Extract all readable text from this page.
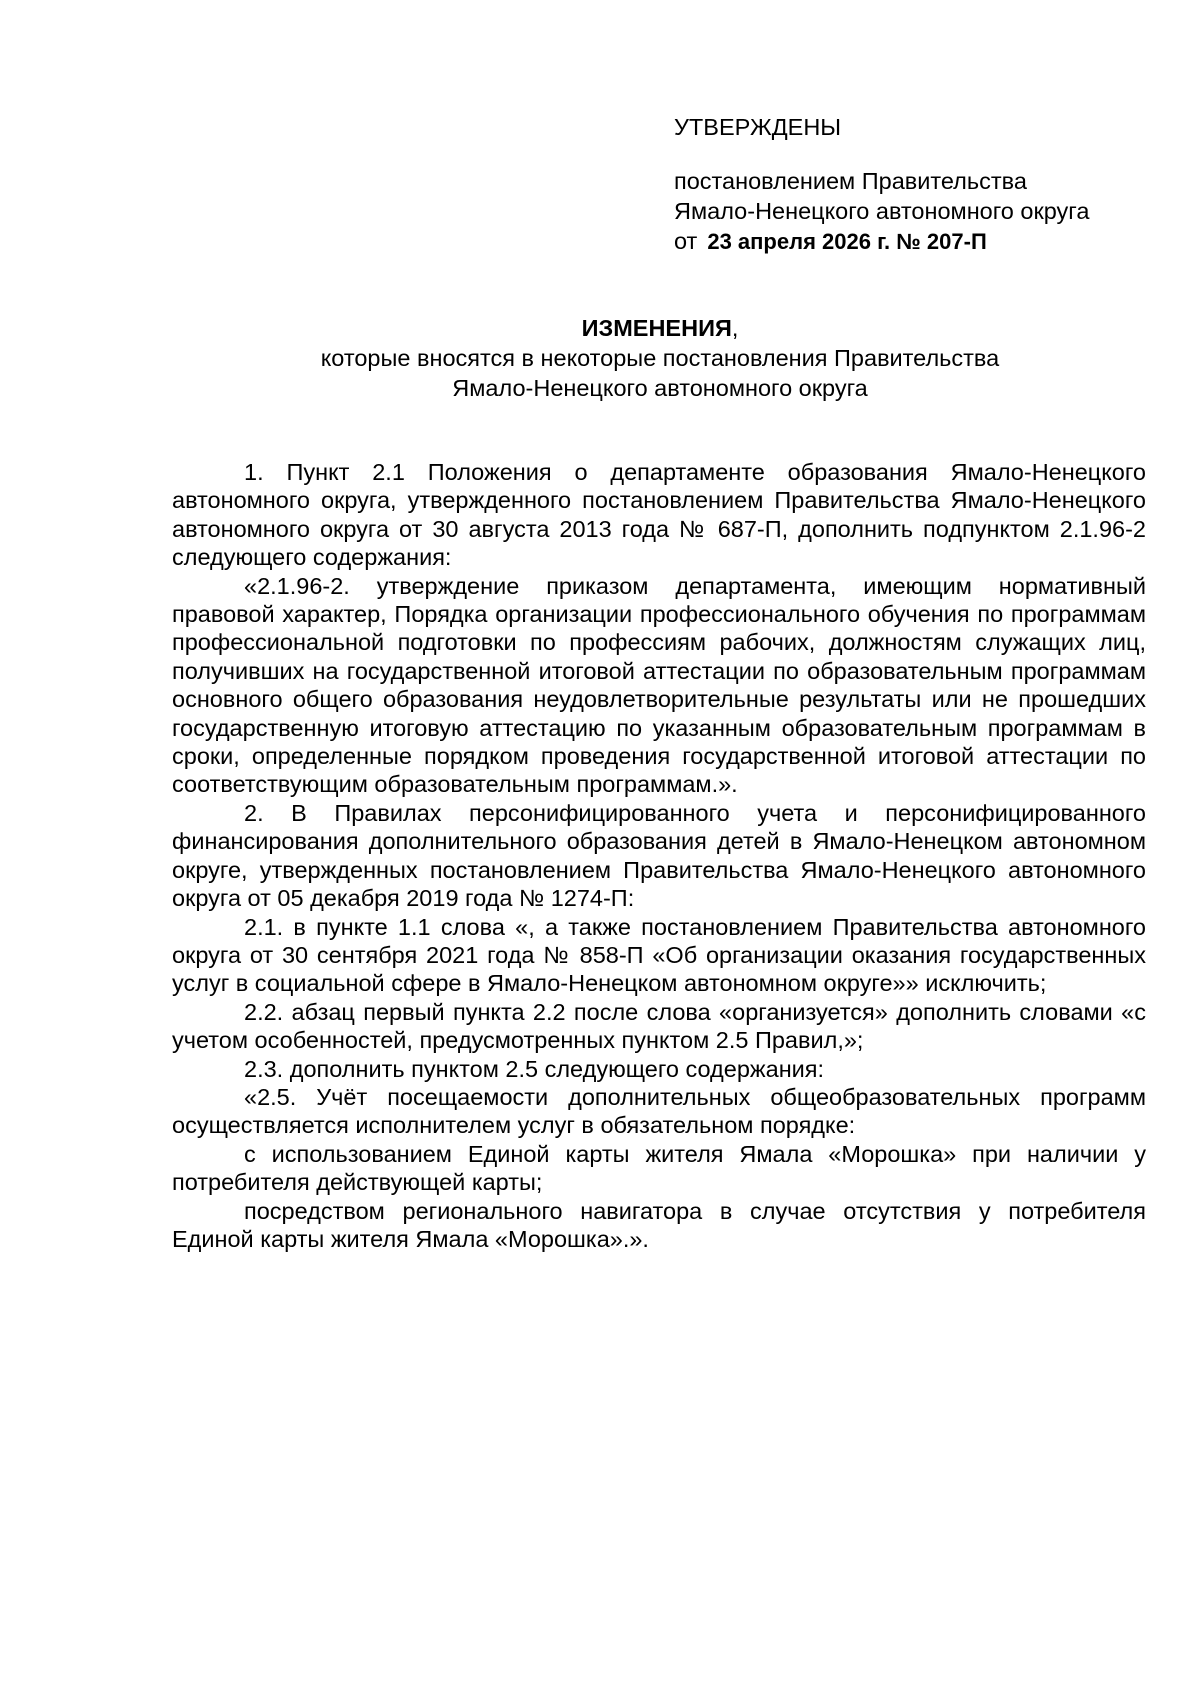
УТВЕРЖДЕНЫ
постановлением Правительства
Ямало-Ненецкого автономного округа
от 23 апреля 2026 г. № 207-П
ИЗМЕНЕНИЯ,
которые вносятся в некоторые постановления Правительства
Ямало-Ненецкого автономного округа

1. Пункт 2.1 Положения о департаменте образования Ямало-Ненецкого автономного округа, утвержденного постановлением Правительства Ямало-Ненецкого автономного округа от 30 августа 2013 года № 687-П, дополнить подпунктом 2.1.96-2 следующего содержания:

«2.1.96-2. утверждение приказом департамента, имеющим нормативный правовой характер, Порядка организации профессионального обучения по программам профессиональной подготовки по профессиям рабочих, должностям служащих лиц, получивших на государственной итоговой аттестации по образовательным программам основного общего образования неудовлетворительные результаты или не прошедших государственную итоговую аттестацию по указанным образовательным программам в сроки, определенные порядком проведения государственной итоговой аттестации по соответствующим образовательным программам.».

2. В Правилах персонифицированного учета и персонифицированного финансирования дополнительного образования детей в Ямало-Ненецком автономном округе, утвержденных постановлением Правительства Ямало-Ненецкого автономного округа от 05 декабря 2019 года № 1274-П:

2.1. в пункте 1.1 слова «, а также постановлением Правительства автономного округа от 30 сентября 2021 года № 858-П «Об организации оказания государственных услуг в социальной сфере в Ямало-Ненецком автономном округе»» исключить;

2.2. абзац первый пункта 2.2 после слова «организуется» дополнить словами «с учетом особенностей, предусмотренных пунктом 2.5 Правил,»;

2.3. дополнить пунктом 2.5 следующего содержания:

«2.5. Учёт посещаемости дополнительных общеобразовательных программ осуществляется исполнителем услуг в обязательном порядке:

с использованием Единой карты жителя Ямала «Морошка» при наличии у потребителя действующей карты;

посредством регионального навигатора в случае отсутствия у потребителя Единой карты жителя Ямала «Морошка».».
